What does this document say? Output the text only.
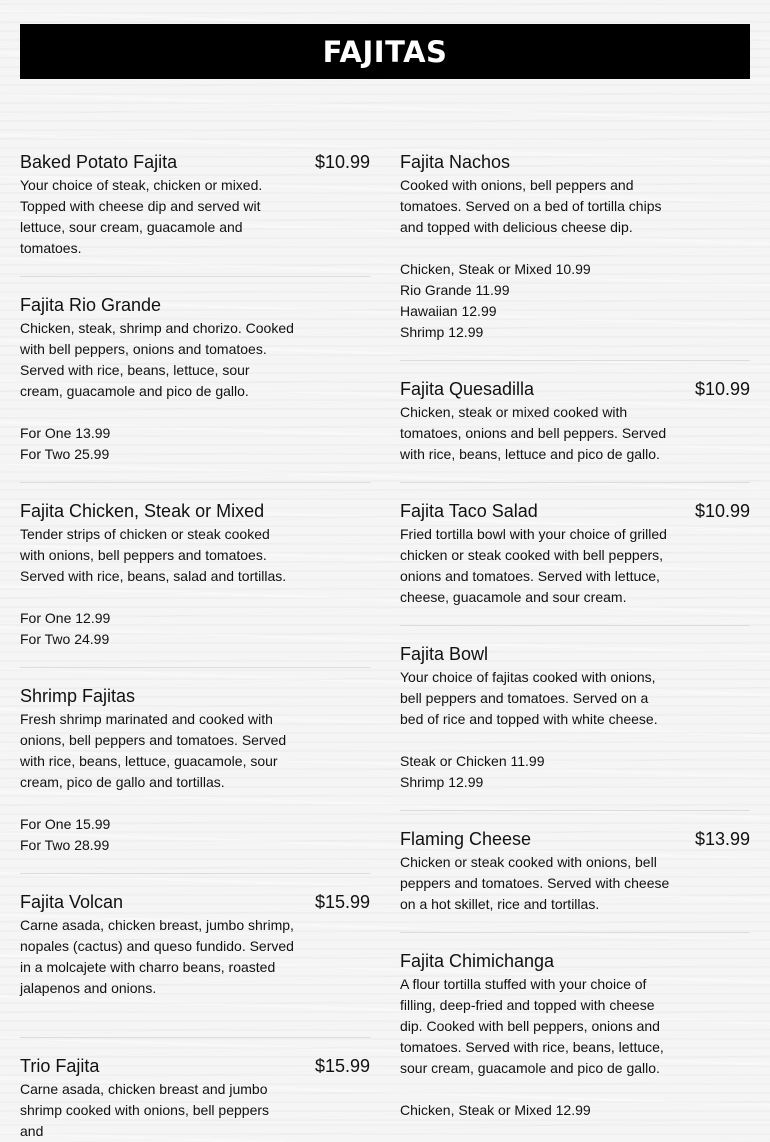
FAJITAS
Baked Potato Fajita	$10.99
Your choice of steak, chicken or mixed. Topped with cheese dip and served wit lettuce, sour cream, guacamole and tomatoes.
Fajita Rio Grande
Chicken, steak, shrimp and chorizo. Cooked with bell peppers, onions and tomatoes. Served with rice, beans, lettuce, sour cream, guacamole and pico de gallo.
For One 13.99
For Two 25.99
Fajita Chicken, Steak or Mixed
Tender strips of chicken or steak cooked with onions, bell peppers and tomatoes. Served with rice, beans, salad and tortillas.
For One 12.99
For Two 24.99
Shrimp Fajitas
Fresh shrimp marinated and cooked with onions, bell peppers and tomatoes. Served with rice, beans, lettuce, guacamole, sour cream, pico de gallo and tortillas.
For One 15.99
For Two 28.99
Fajita Volcan	$15.99
Carne asada, chicken breast, jumbo shrimp, nopales (cactus) and queso fundido. Served in a molcajete with charro beans, roasted jalapenos and onions.
Trio Fajita	$15.99
Carne asada, chicken breast and jumbo shrimp cooked with onions, bell peppers and
Fajita Nachos
Cooked with onions, bell peppers and tomatoes. Served on a bed of tortilla chips and topped with delicious cheese dip.
Chicken, Steak or Mixed 10.99
Rio Grande 11.99
Hawaiian 12.99
Shrimp 12.99
Fajita Quesadilla	$10.99
Chicken, steak or mixed cooked with tomatoes, onions and bell peppers. Served with rice, beans, lettuce and pico de gallo.
Fajita Taco Salad	$10.99
Fried tortilla bowl with your choice of grilled chicken or steak cooked with bell peppers, onions and tomatoes. Served with lettuce, cheese, guacamole and sour cream.
Fajita Bowl
Your choice of fajitas cooked with onions, bell peppers and tomatoes. Served on a bed of rice and topped with white cheese.
Steak or Chicken 11.99
Shrimp 12.99
Flaming Cheese	$13.99
Chicken or steak cooked with onions, bell peppers and tomatoes. Served with cheese on a hot skillet, rice and tortillas.
Fajita Chimichanga
A flour tortilla stuffed with your choice of filling, deep-fried and topped with cheese dip. Cooked with bell peppers, onions and tomatoes. Served with rice, beans, lettuce, sour cream, guacamole and pico de gallo.
Chicken, Steak or Mixed 12.99
